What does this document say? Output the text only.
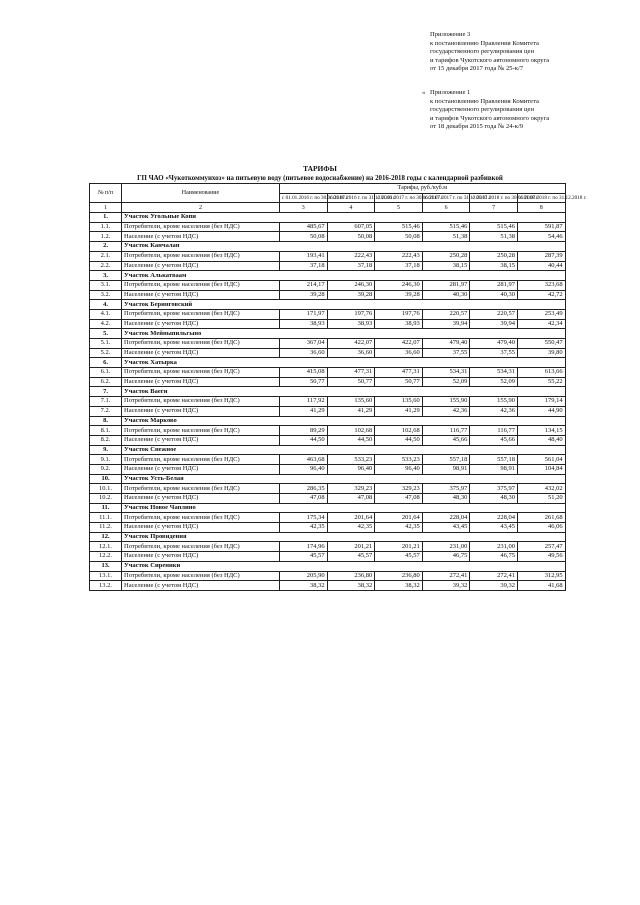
Приложение 3
к постановлению Правления Комитета
государственного регулирования цен
и тарифов Чукотского автономного округа
от 15 декабря 2017 года № 25-к/7
« Приложение 1
к постановлению Правления Комитета
государственного регулирования цен
и тарифов Чукотского автономного округа
от 18 декабря 2015 года № 24-к/9
ТАРИФЫ
ГП ЧАО «Чукоткоммунхоз» на питьевую воду (питьевое водоснабжение) на 2016-2018 годы с календарной разбивкой
№ п/п	Наименование	Тарифы, руб./куб.м					
		с 01.01.2016 г. по 30.06.2016 г.	с 01.07.2016 г. по 31.12.2016 г.	с 01.01.2017 г. по 30.06.2017 г.	с 01.07.2017 г. по 31.12.2017 г.	с 01.01.2018 г. по 30.06.2018 г.	с 01.07.2018 г. по 31.12.2018 г.
1	2	3	4	5	6	7	8
1.	Участок Угольные Копи						
1.1.	Потребители, кроме населения (без НДС)	485,67	607,05	515,46	515,46	515,46	591,87
1.2.	Население (с учетом НДС)	50,08	50,08	50,08	51,38	51,38	54,46
2.	Участок Канчалан						
2.1.	Потребители, кроме населения (без НДС)	193,41	222,43	222,43	250,28	250,28	287,39
2.2.	Население (с учетом НДС)	37,18	37,18	37,18	38,15	38,15	40,44
3.	Участок Алькатваам						
3.1.	Потребители, кроме населения (без НДС)	214,17	246,30	246,30	281,97	281,97	323,68
3.2.	Население (с учетом НДС)	39,28	39,28	39,28	40,30	40,30	42,72
4.	Участок Беринговский						
4.1.	Потребители, кроме населения (без НДС)	171,97	197,76	197,76	220,57	220,57	253,49
4.2.	Население (с учетом НДС)	38,93	38,93	38,93	39,94	39,94	42,34
5.	Участок Мейныпильгыно						
5.1.	Потребители, кроме населения (без НДС)	367,04	422,07	422,07	479,40	479,40	550,47
5.2.	Население (с учетом НДС)	36,60	36,60	36,60	37,55	37,55	39,80
6.	Участок Хатырка						
6.1.	Потребители, кроме населения (без НДС)	415,08	477,31	477,31	534,31	534,31	613,66
6.2.	Население (с учетом НДС)	50,77	50,77	50,77	52,09	52,09	55,22
7.	Участок Ваеги						
7.1.	Потребители, кроме населения (без НДС)	117,92	135,60	135,60	155,90	155,90	179,14
7.2.	Население (с учетом НДС)	41,29	41,29	41,29	42,36	42,36	44,90
8.	Участок Марково						
8.1.	Потребители, кроме населения (без НДС)	89,29	102,68	102,68	116,77	116,77	134,15
8.2.	Население (с учетом НДС)	44,50	44,50	44,50	45,66	45,66	48,40
9.	Участок Снежное						
9.1.	Потребители, кроме населения (без НДС)	463,68	533,23	533,23	557,18	557,18	561,04
9.2.	Население (с учетом НДС)	96,40	96,40	96,40	98,91	98,91	104,84
10.	Участок Усть-Белая						
10.1.	Потребители, кроме населения (без НДС)	286,35	329,23	329,23	375,97	375,97	432,02
10.2.	Население (с учетом НДС)	47,08	47,08	47,08	48,30	48,30	51,20
11.	Участок Новое Чаплино						
11.1.	Потребители, кроме населения (без НДС)	175,34	201,64	201,64	228,04	228,04	261,68
11.2.	Население (с учетом НДС)	42,35	42,35	42,35	43,45	43,45	46,06
12.	Участок Провидения						
12.1.	Потребители, кроме населения (без НДС)	174,96	201,21	201,21	231,00	231,00	257,47
12.2.	Население (с учетом НДС)	45,57	45,57	45,57	46,75	46,75	49,56
13.	Участок Сиреники						
13.1.	Потребители, кроме населения (без НДС)	205,90	236,80	236,80	272,41	272,41	312,95
13.2.	Население (с учетом НДС)	38,32	38,32	38,32	39,32	39,32	41,68
